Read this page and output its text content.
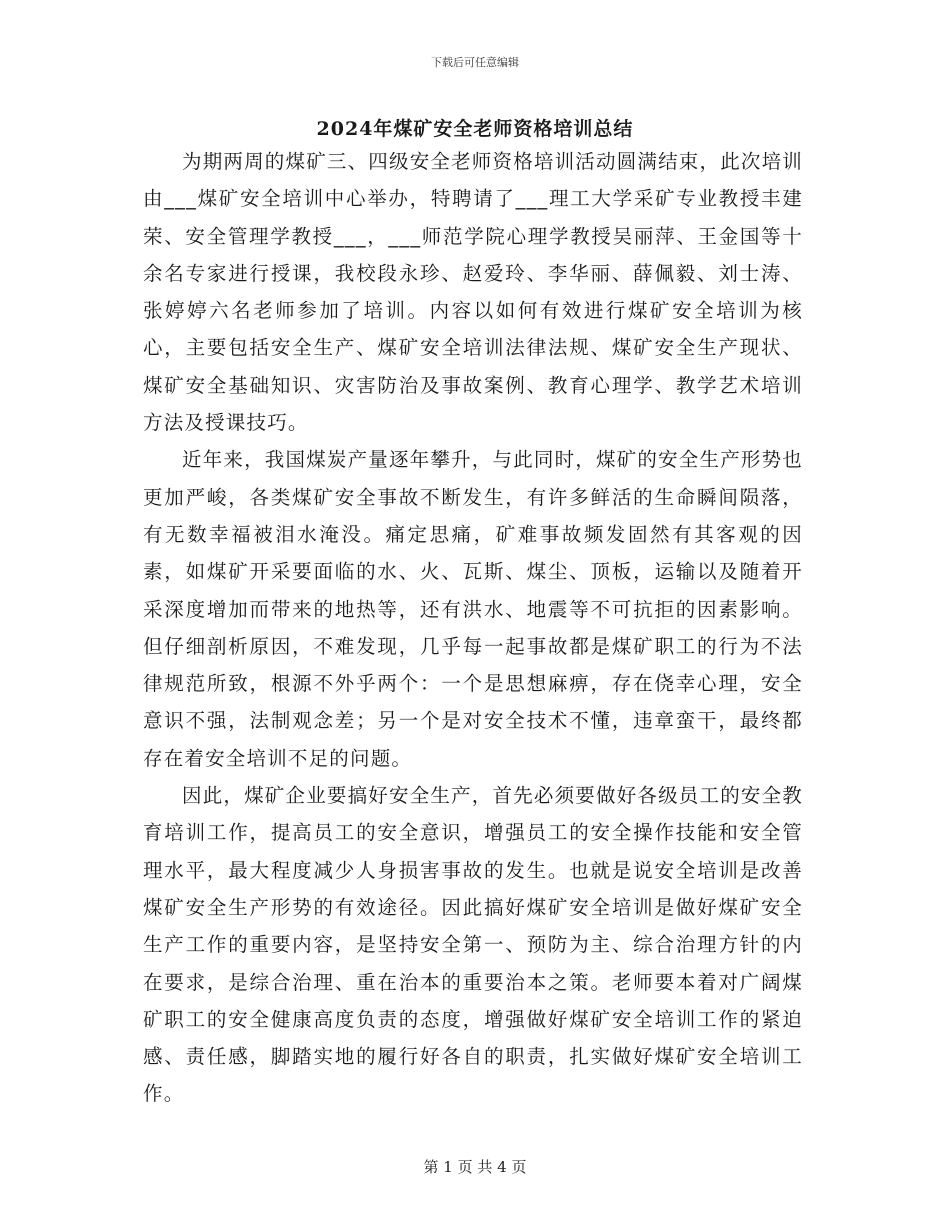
下载后可任意编辑
2024年煤矿安全老师资格培训总结

为期两周的煤矿三、四级安全老师资格培训活动圆满结束，此次培训由___煤矿安全培训中心举办，特聘请了___理工大学采矿专业教授丰建荣、安全管理学教授___，___师范学院心理学教授吴丽萍、王金国等十余名专家进行授课，我校段永珍、赵爱玲、李华丽、薛佩毅、刘士涛、张婷婷六名老师参加了培训。内容以如何有效进行煤矿安全培训为核心，主要包括安全生产、煤矿安全培训法律法规、煤矿安全生产现状、煤矿安全基础知识、灾害防治及事故案例、教育心理学、教学艺术培训方法及授课技巧。

近年来，我国煤炭产量逐年攀升，与此同时，煤矿的安全生产形势也更加严峻，各类煤矿安全事故不断发生，有许多鲜活的生命瞬间陨落，有无数幸福被泪水淹没。痛定思痛，矿难事故频发固然有其客观的因素，如煤矿开采要面临的水、火、瓦斯、煤尘、顶板，运输以及随着开采深度增加而带来的地热等，还有洪水、地震等不可抗拒的因素影响。但仔细剖析原因，不难发现，几乎每一起事故都是煤矿职工的行为不法律规范所致，根源不外乎两个：一个是思想麻痹，存在侥幸心理，安全意识不强，法制观念差；另一个是对安全技术不懂，违章蛮干，最终都存在着安全培训不足的问题。

因此，煤矿企业要搞好安全生产，首先必须要做好各级员工的安全教育培训工作，提高员工的安全意识，增强员工的安全操作技能和安全管理水平，最大程度减少人身损害事故的发生。也就是说安全培训是改善煤矿安全生产形势的有效途径。因此搞好煤矿安全培训是做好煤矿安全生产工作的重要内容，是坚持安全第一、预防为主、综合治理方针的内在要求，是综合治理、重在治本的重要治本之策。老师要本着对广阔煤矿职工的安全健康高度负责的态度，增强做好煤矿安全培训工作的紧迫感、责任感，脚踏实地的履行好各自的职责，扎实做好煤矿安全培训工作。

第 1 页 共 4 页
